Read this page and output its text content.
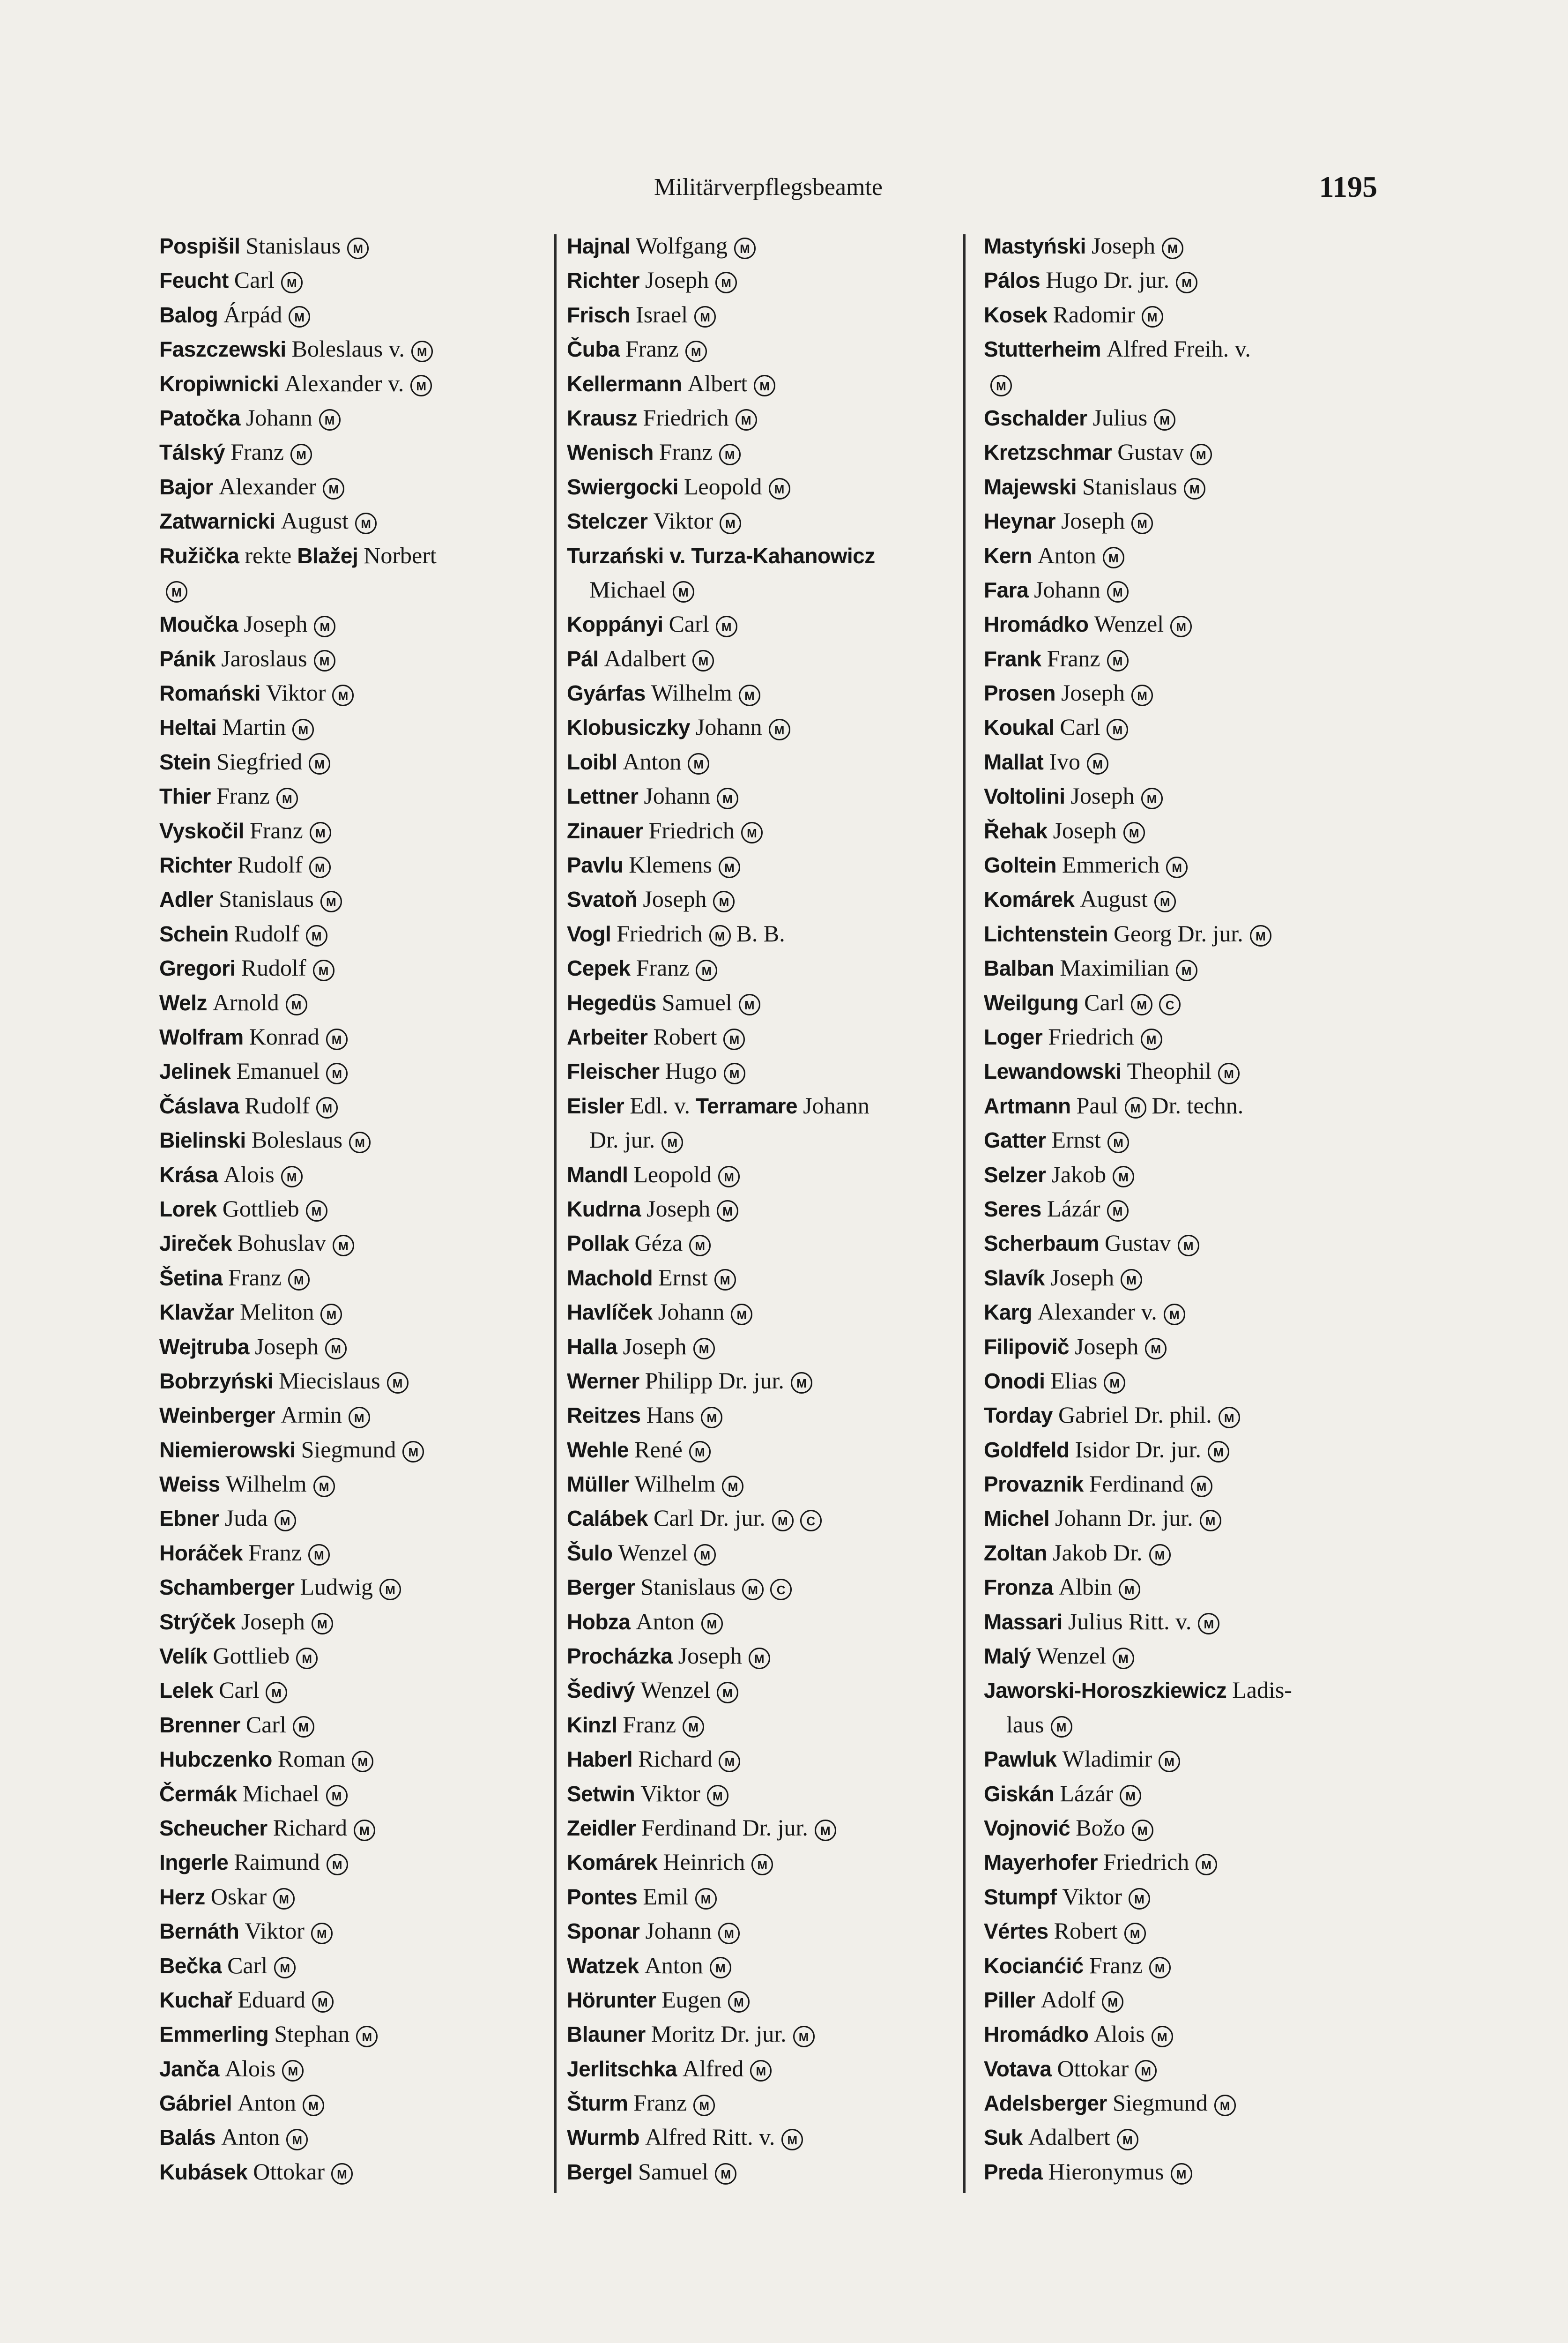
Militärverpflegsbeamte	1195
Pospišil Stanislaus M
Feucht Carl M
Balog Árpád M
Faszczewski Boleslaus v. M
Kropiwnicki Alexander v. M
Patočka Johann M
Tálský Franz M
Bajor Alexander M
Zatwarnicki August M
Ružička rekte Blažej Norbert
M
Moučka Joseph M
Pánik Jaroslaus M
Romański Viktor M
Heltai Martin M
Stein Siegfried M
Thier Franz M
Vyskočil Franz M
Richter Rudolf M
Adler Stanislaus M
Schein Rudolf M
Gregori Rudolf M
Welz Arnold M
Wolfram Konrad M
Jelinek Emanuel M
Čáslava Rudolf M
Bielinski Boleslaus M
Krása Alois M
Lorek Gottlieb M
Jireček Bohuslav M
Šetina Franz M
Klavžar Meliton M
Wejtruba Joseph M
Bobrzyński Miecislaus M
Weinberger Armin M
Niemierowski Siegmund M
Weiss Wilhelm M
Ebner Juda M
Horáček Franz M
Schamberger Ludwig M
Strýček Joseph M
Velík Gottlieb M
Lelek Carl M
Brenner Carl M
Hubczenko Roman M
Čermák Michael M
Scheucher Richard M
Ingerle Raimund M
Herz Oskar M
Bernáth Viktor M
Bečka Carl M
Kuchař Eduard M
Emmerling Stephan M
Janča Alois M
Gábriel Anton M
Balás Anton M
Kubásek Ottokar M
Hajnal Wolfgang M
Richter Joseph M
Frisch Israel M
Čuba Franz M
Kellermann Albert M
Krausz Friedrich M
Wenisch Franz M
Swiergocki Leopold M
Stelczer Viktor M
Turzański v. Turza-Kahanowicz
Michael M
Koppányi Carl M
Pál Adalbert M
Gyárfas Wilhelm M
Klobusiczky Johann M
Loibl Anton M
Lettner Johann M
Zinauer Friedrich M
Pavlu Klemens M
Svatoň Joseph M
Vogl Friedrich M B. B.
Cepek Franz M
Hegedüs Samuel M
Arbeiter Robert M
Fleischer Hugo M
Eisler Edl. v. Terramare Johann
Dr. jur. M
Mandl Leopold M
Kudrna Joseph M
Pollak Géza M
Machold Ernst M
Havlíček Johann M
Halla Joseph M
Werner Philipp Dr. jur. M
Reitzes Hans M
Wehle René M
Müller Wilhelm M
Calábek Carl Dr. jur. M C
Šulo Wenzel M
Berger Stanislaus M C
Hobza Anton M
Procházka Joseph M
Šedivý Wenzel M
Kinzl Franz M
Haberl Richard M
Setwin Viktor M
Zeidler Ferdinand Dr. jur. M
Komárek Heinrich M
Pontes Emil M
Sponar Johann M
Watzek Anton M
Hörunter Eugen M
Blauner Moritz Dr. jur. M
Jerlitschka Alfred M
Šturm Franz M
Wurmb Alfred Ritt. v. M
Bergel Samuel M
Mastyński Joseph M
Pálos Hugo Dr. jur. M
Kosek Radomir M
Stutterheim Alfred Freih. v.
M
Gschalder Julius M
Kretzschmar Gustav M
Majewski Stanislaus M
Heynar Joseph M
Kern Anton M
Fara Johann M
Hromádko Wenzel M
Frank Franz M
Prosen Joseph M
Koukal Carl M
Mallat Ivo M
Voltolini Joseph M
Řehak Joseph M
Goltein Emmerich M
Komárek August M
Lichtenstein Georg Dr. jur. M
Balban Maximilian M
Weilgung Carl M C
Loger Friedrich M
Lewandowski Theophil M
Artmann Paul M Dr. techn.
Gatter Ernst M
Selzer Jakob M
Seres Lázár M
Scherbaum Gustav M
Slavík Joseph M
Karg Alexander v. M
Filipovič Joseph M
Onodi Elias M
Torday Gabriel Dr. phil. M
Goldfeld Isidor Dr. jur. M
Provaznik Ferdinand M
Michel Johann Dr. jur. M
Zoltan Jakob Dr. M
Fronza Albin M
Massari Julius Ritt. v. M
Malý Wenzel M
Jaworski-Horoszkiewicz Ladis-
laus M
Pawluk Wladimir M
Giskán Lázár M
Vojnović Božo M
Mayerhofer Friedrich M
Stumpf Viktor M
Vértes Robert M
Kocianćić Franz M
Piller Adolf M
Hromádko Alois M
Votava Ottokar M
Adelsberger Siegmund M
Suk Adalbert M
Preda Hieronymus M
